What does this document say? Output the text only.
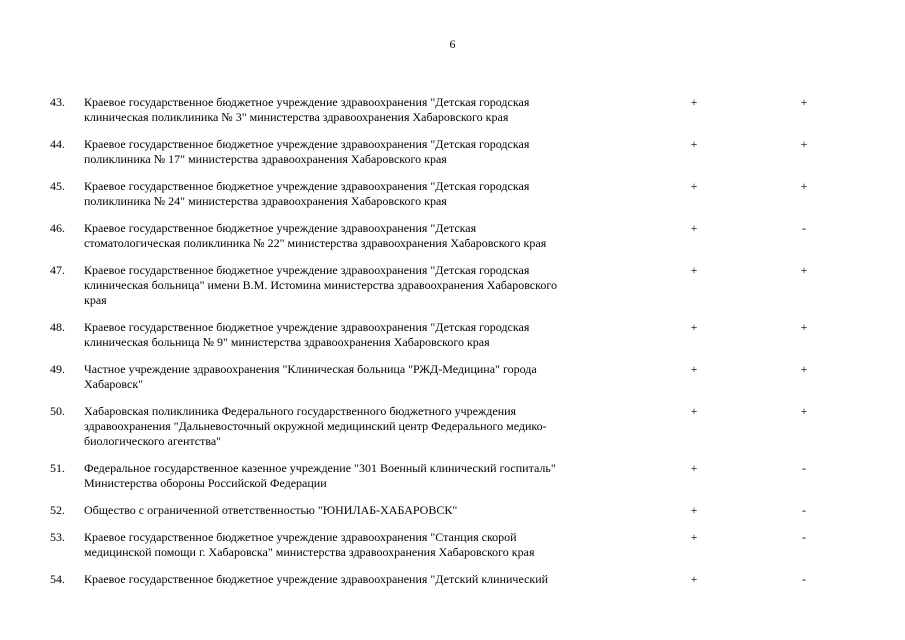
6
43.	Краевое государственное бюджетное учреждение здравоохранения "Детская городская
клиническая поликлиника № 3" министерства здравоохранения Хабаровского края
+	+
44.	Краевое государственное бюджетное учреждение здравоохранения "Детская городская
поликлиника № 17" министерства здравоохранения Хабаровского края
+	+
45.	Краевое государственное бюджетное учреждение здравоохранения "Детская городская
поликлиника № 24" министерства здравоохранения Хабаровского края
+	+
46.	Краевое государственное бюджетное учреждение здравоохранения "Детская
стоматологическая поликлиника № 22" министерства здравоохранения Хабаровского края
+	-
47.	Краевое государственное бюджетное учреждение здравоохранения "Детская городская
клиническая больница" имени В.М. Истомина министерства здравоохранения Хабаровского
края
+	+
48.	Краевое государственное бюджетное учреждение здравоохранения "Детская городская
клиническая больница № 9" министерства здравоохранения Хабаровского края
+	+
49.	Частное учреждение здравоохранения "Клиническая больница "РЖД-Медицина" города
Хабаровск"
+	+
50.	Хабаровская поликлиника Федерального государственного бюджетного учреждения
здравоохранения "Дальневосточный окружной медицинский центр Федерального медико-
биологического агентства"
+	+
51.	Федеральное государственное казенное учреждение "301 Военный клинический госпиталь"
Министерства обороны Российской Федерации
+	-
52.	Общество с ограниченной ответственностью "ЮНИЛАБ-ХАБАРОВСК"	+	-
53.	Краевое государственное бюджетное учреждение здравоохранения "Станция скорой
медицинской помощи г. Хабаровска" министерства здравоохранения Хабаровского края
+	-
54.	Краевое государственное бюджетное учреждение здравоохранения "Детский клинический	+	-
